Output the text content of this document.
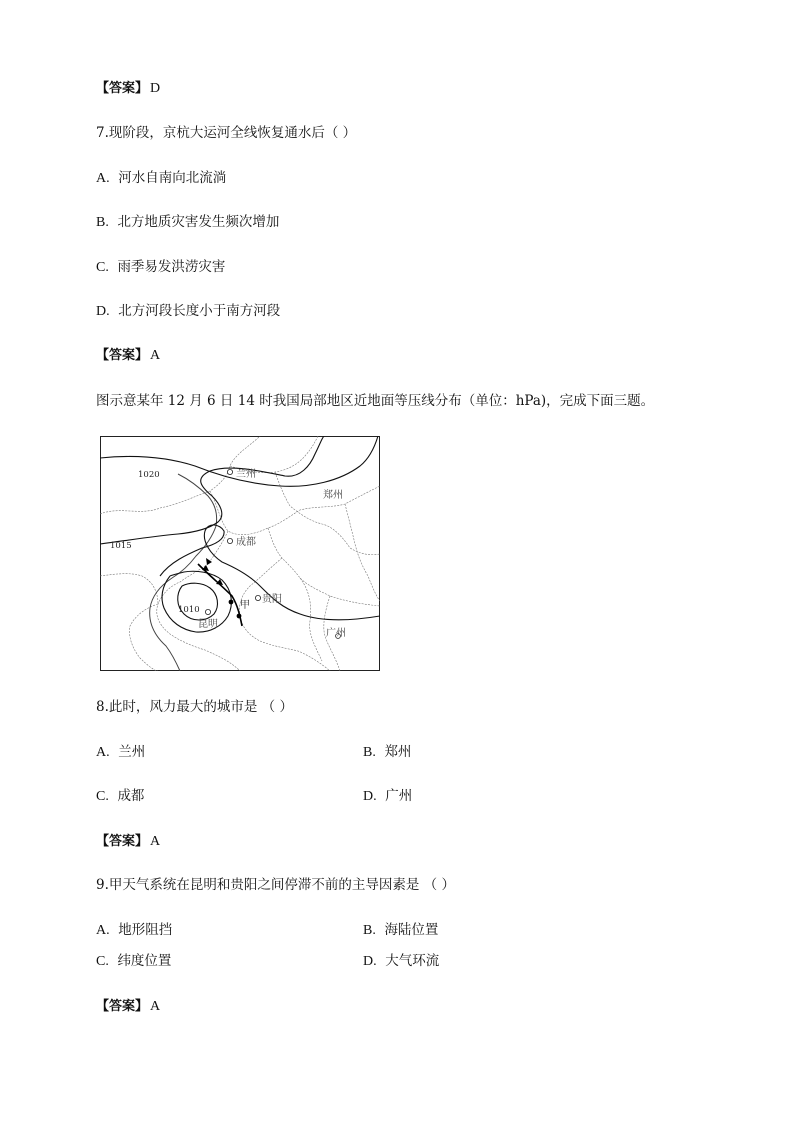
【答案】 D
7.现阶段，京杭大运河全线恢复通水后（ ）
A. 河水自南向北流淌
B. 北方地质灾害发生频次增加
C. 雨季易发洪涝灾害
D. 北方河段长度小于南方河段
【答案】 A
图示意某年 12 月 6 日 14 时我国局部地区近地面等压线分布（单位：hPa)，完成下面三题。
1020
1015
1010
兰州
郑州
成都
贵阳
昆明
广州
甲
8.此时，风力最大的城市是 （ ）
A. 兰州	B. 郑州
C. 成都	D. 广州
【答案】 A
9.甲天气系统在昆明和贵阳之间停滞不前的主导因素是 （ ）
A. 地形阻挡	B. 海陆位置
C. 纬度位置	D. 大气环流
【答案】 A
